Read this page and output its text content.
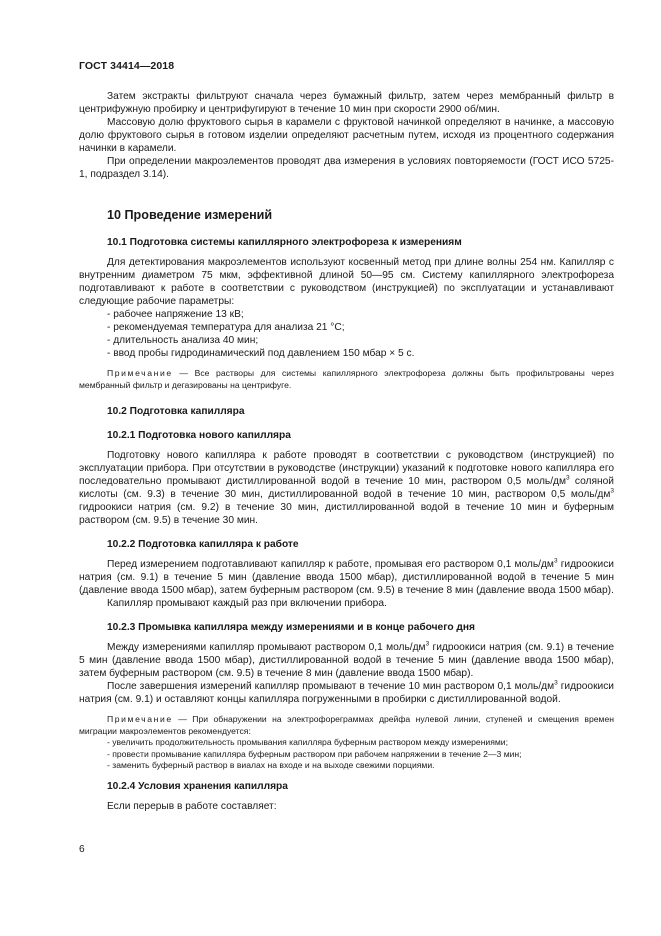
ГОСТ 34414—2018

Затем экстракты фильтруют сначала через бумажный фильтр, затем через мембранный фильтр в центрифужную пробирку и центрифугируют в течение 10 мин при скорости 2900 об/мин.

Массовую долю фруктового сырья в карамели с фруктовой начинкой определяют в начинке, а массовую долю фруктового сырья в готовом изделии определяют расчетным путем, исходя из процентного содержания начинки в карамели.

При определении макроэлементов проводят два измерения в условиях повторяемости (ГОСТ ИСО 5725-1, подраздел 3.14).

10 Проведение измерений
10.1 Подготовка системы капиллярного электрофореза к измерениям

Для детектирования макроэлементов используют косвенный метод при длине волны 254 нм. Капилляр с внутренним диаметром 75 мкм, эффективной длиной 50—95 см. Систему капиллярного электрофореза подготавливают к работе в соответствии с руководством (инструкцией) по эксплуатации и устанавливают следующие рабочие параметры:

- рабочее напряжение 13 кВ;

- рекомендуемая температура для анализа 21 °С;

- длительность анализа 40 мин;

- ввод пробы гидродинамический под давлением 150 мбар × 5 с.

Примечание — Все растворы для системы капиллярного электрофореза должны быть профильтрованы через мембранный фильтр и дегазированы на центрифуге.

10.2 Подготовка капилляра
10.2.1 Подготовка нового капилляра

Подготовку нового капилляра к работе проводят в соответствии с руководством (инструкцией) по эксплуатации прибора. При отсутствии в руководстве (инструкции) указаний к подготовке нового капилляра его последовательно промывают дистиллированной водой в течение 10 мин, раствором 0,5 моль/$дм^3$ соляной кислоты (см. 9.3) в течение 30 мин, дистиллированной водой в течение 10 мин, раствором 0,5 моль/$дм^3$ гидроокиси натрия (см. 9.2) в течение 30 мин, дистиллированной водой в течение 10 мин и буферным раствором (см. 9.5) в течение 30 мин.

10.2.2 Подготовка капилляра к работе

Перед измерением подготавливают капилляр к работе, промывая его раствором 0,1 моль/$дм^3$ гидроокиси натрия (см. 9.1) в течение 5 мин (давление ввода 1500 мбар), дистиллированной водой в течение 5 мин (давление ввода 1500 мбар), затем буферным раствором (см. 9.5) в течение 8 мин (давление ввода 1500 мбар).

Капилляр промывают каждый раз при включении прибора.

10.2.3 Промывка капилляра между измерениями и в конце рабочего дня

Между измерениями капилляр промывают раствором 0,1 моль/$дм^3$ гидроокиси натрия (см. 9.1) в течение 5 мин (давление ввода 1500 мбар), дистиллированной водой в течение 5 мин (давление ввода 1500 мбар), затем буферным раствором (см. 9.5) в течение 8 мин (давление ввода 1500 мбар).

После завершения измерений капилляр промывают в течение 10 мин раствором 0,1 моль/$дм^3$ гидроокиси натрия (см. 9.1) и оставляют концы капилляра погруженными в пробирки с дистиллированной водой.

Примечание — При обнаружении на электрофореграммах дрейфа нулевой линии, ступеней и смещения времен миграции макроэлементов рекомендуется:

- увеличить продолжительность промывания капилляра буферным раствором между измерениями;

- провести промывание капилляра буферным раствором при рабочем напряжении в течение 2—3 мин;

- заменить буферный раствор в виалах на входе и на выходе свежими порциями.

10.2.4 Условия хранения капилляра

Если перерыв в работе составляет:

6
